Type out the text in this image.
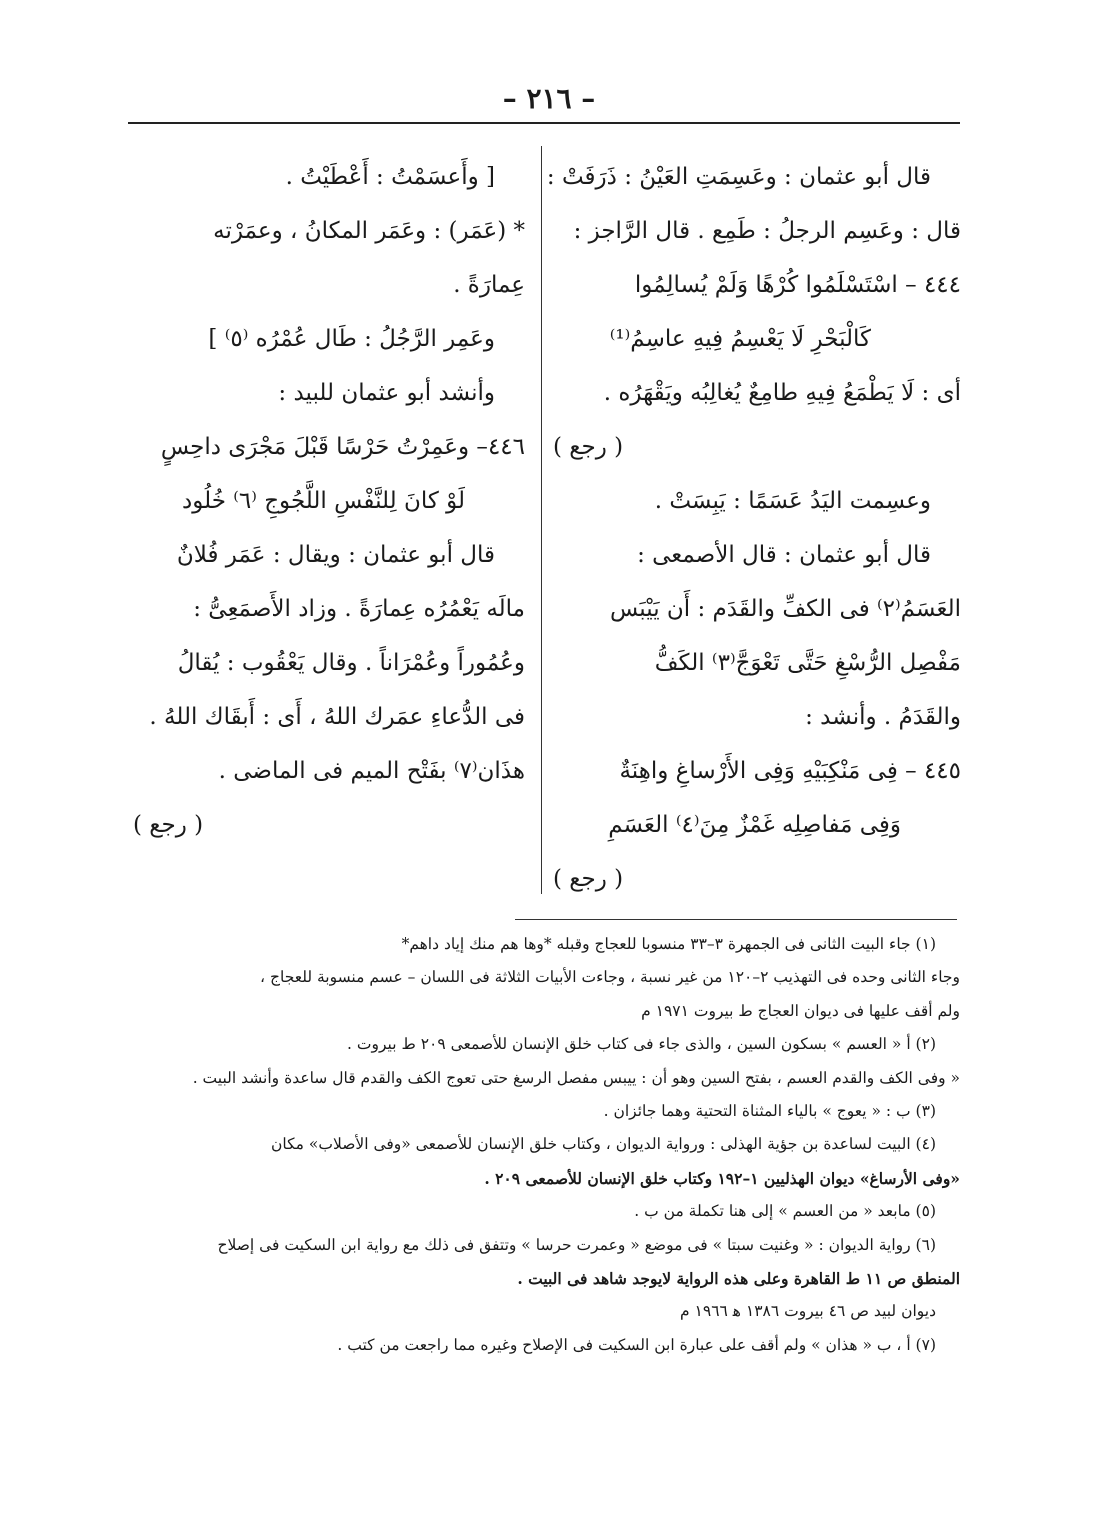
– ٢١٦ –
قال أبو عثمان : وعَسِمَتِ العَيْنُ : ذَرَفَتْ :
قال : وعَسِم الرجلُ : طَمِع . قال الرَّاجز :
٤٤٤ – اسْتَسْلَمُوا كُرْهًا وَلَمْ يُسالِمُوا
كَالْبَحْرِ لَا يَعْسِمُ فِيهِ عاسِمُ⁽¹⁾
أى : لَا يَطْمَعُ فِيهِ طامِعٌ يُغالِبُه ويَقْهَرُه .
( رجع )
وعسِمت اليَدُ عَسَمًا : يَبِسَتْ .
قال أبو عثمان : قال الأصمعى :
العَسَمُ⁽٢⁾ فى الكفِّ والقَدَم : أَن يَيْبَس
مَفْصِل الرُّسْغِ حَتَّى تَعْوَجَّ⁽٣⁾ الكَفُّ
والقَدَمُ . وأنشد :
٤٤٥ – فِى مَنْكِبَيْهِ وَفِى الأَرْساغِ واهِنَةٌ
وَفِى مَفاصِلِه غَمْزٌ مِنَ⁽٤⁾ العَسَمِ
( رجع )
[ وأَعسَمْتُ : أَعْطَيْتُ .
* (عَمَر) : وعَمَر المكانُ ، وعمَرْته
عِمارَةً .
وعَمِر الرَّجُلُ : طَال عُمْرُه ⁽٥⁾ ]
وأنشد أبو عثمان للبيد :
٤٤٦– وعَمِرْتُ حَرْسًا قَبْلَ مَجْرَى داحِسٍ
لَوْ كانَ لِلنَّفْسِ اللَّجُوجِ ⁽٦⁾ خُلُود
قال أبو عثمان : ويقال : عَمَر فُلانٌ
مالَه يَعْمُرُه عِمارَةً . وزاد الأَصمَعِىُّ :
وعُمُوراً وعُمْرَاناً . وقال يَعْقُوب : يُقالُ
فى الدُّعاءِ عمَرك اللهُ ، أَى : أَبقَاك اللهُ .
هذَان⁽٧⁾ بفَتْح الميم فى الماضى .
( رجع )
(١) جاء البيت الثانى فى الجمهرة ٣–٣٣ منسوبا للعجاج وقبله *وها هم منك إياد داهم*
وجاء الثانى وحده فى التهذيب ٢–١٢٠ من غير نسبة ، وجاءت الأبيات الثلاثة فى اللسان – عسم منسوبة للعجاج ،
ولم أقف عليها فى ديوان العجاج ط بيروت ١٩٧١ م
(٢) أ « العسم » بسكون السين ، والذى جاء فى كتاب خلق الإنسان للأصمعى ٢٠٩ ط بيروت .
« وفى الكف والقدم العسم ، بفتح السين وهو أن : ييبس مفصل الرسغ حتى تعوج الكف والقدم قال ساعدة وأنشد البيت .
(٣) ب : « يعوج » بالياء المثناة التحتية وهما جائزان .
(٤) البيت لساعدة بن جؤية الهذلى : ورواية الديوان ، وكتاب خلق الإنسان للأصمعى «وفى الأصلاب» مكان
«وفى الأرساغ» ديوان الهذليين ١–١٩٢ وكتاب خلق الإنسان للأصمعى ٢٠٩ .
(٥) مابعد « من العسم » إلى هنا تكملة من ب .
(٦) رواية الديوان : « وغنيت سبتا » فى موضع « وعمرت حرسا » وتتفق فى ذلك مع رواية ابن السكيت فى إصلاح
المنطق ص ١١ ط القاهرة وعلى هذه الرواية لايوجد شاهد فى البيت .
ديوان لبيد ص ٤٦ بيروت ١٣٨٦ ﻫ ١٩٦٦ م
(٧) أ ، ب « هذان » ولم أقف على عبارة ابن السكيت فى الإصلاح وغيره مما راجعت من كتب .
